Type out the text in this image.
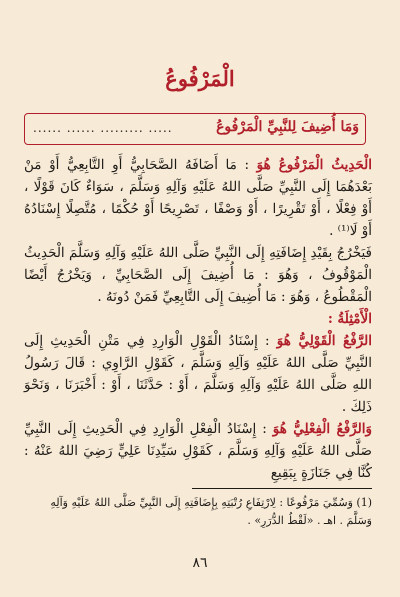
الْمَرْفُوعُ
وَمَا أُضِيفَ لِلنَّبِيِّ الْمَرْفُوعُ
...... ...... ......... .....

الْحَدِيثُ الْمَرْفُوعُ هُوَ : مَا أَضَافَهُ الصَّحَابِيُّ أَوِ التَّابِعِيُّ أَوْ مَنْ بَعْدَهُمَا إِلَى النَّبِيِّ صَلَّى اللهُ عَلَيْهِ وَآلِهِ وَسَلَّمَ ، سَوَاءٌ كَانَ قَوْلًا ، أَوْ فِعْلًا ، أَوْ تَقْرِيرًا ، أَوْ وَصْفًا ، تَصْرِيحًا أَوْ حُكْمًا ، مُتَّصِلًا إِسْنَادُهُ أَوْ لَا⁽¹⁾ .

فَيَخْرُجُ بِقَيْدِ إِضَافَتِهِ إِلَى النَّبِيِّ صَلَّى اللهُ عَلَيْهِ وَآلِهِ وَسَلَّمَ الْحَدِيثُ الْمَوْقُوفُ ، وَهُوَ : مَا أُضِيفَ إِلَى الصَّحَابِيِّ ، وَيَخْرُجُ أَيْضًا الْمَقْطُوعُ ، وَهُوَ : مَا أُضِيفَ إِلَى التَّابِعِيِّ فَمَنْ دُونَهُ .

الْأَمْثِلَةُ :

الرَّفْعُ الْقَوْلِيُّ هُوَ : إِسْنَادُ الْقَوْلِ الْوَارِدِ فِي مَتْنِ الْحَدِيثِ إِلَى النَّبِيِّ صَلَّى اللهُ عَلَيْهِ وَآلِهِ وَسَلَّمَ ، كَقَوْلِ الرَّاوِي : قَالَ رَسُولُ اللهِ صَلَّى اللهُ عَلَيْهِ وَآلِهِ وَسَلَّمَ ، أَوْ : حَدَّثَنَا ، أَوْ : أَخْبَرَنَا ، وَنَحْوَ ذَلِكَ .

وَالرَّفْعُ الْفِعْلِيُّ هُوَ : إِسْنَادُ الْفِعْلِ الْوَارِدِ فِي الْحَدِيثِ إِلَى النَّبِيِّ صَلَّى اللهُ عَلَيْهِ وَآلِهِ وَسَلَّمَ ، كَقَوْلِ سَيِّدِنَا عَلِيٍّ رَضِيَ اللهُ عَنْهُ : كُنَّا فِي جَنَازَةٍ بِبَقِيعِ

(1) وَسُمِّيَ مَرْفُوعًا : لِارْتِفَاعِ رُتْبَتِهِ بِإِضَافَتِهِ إِلَى النَّبِيِّ صَلَّى اللهُ عَلَيْهِ وَآلِهِ وَسَلَّمَ . اهـ . «لَقْطُ الدُّرَرِ» .
٨٦
